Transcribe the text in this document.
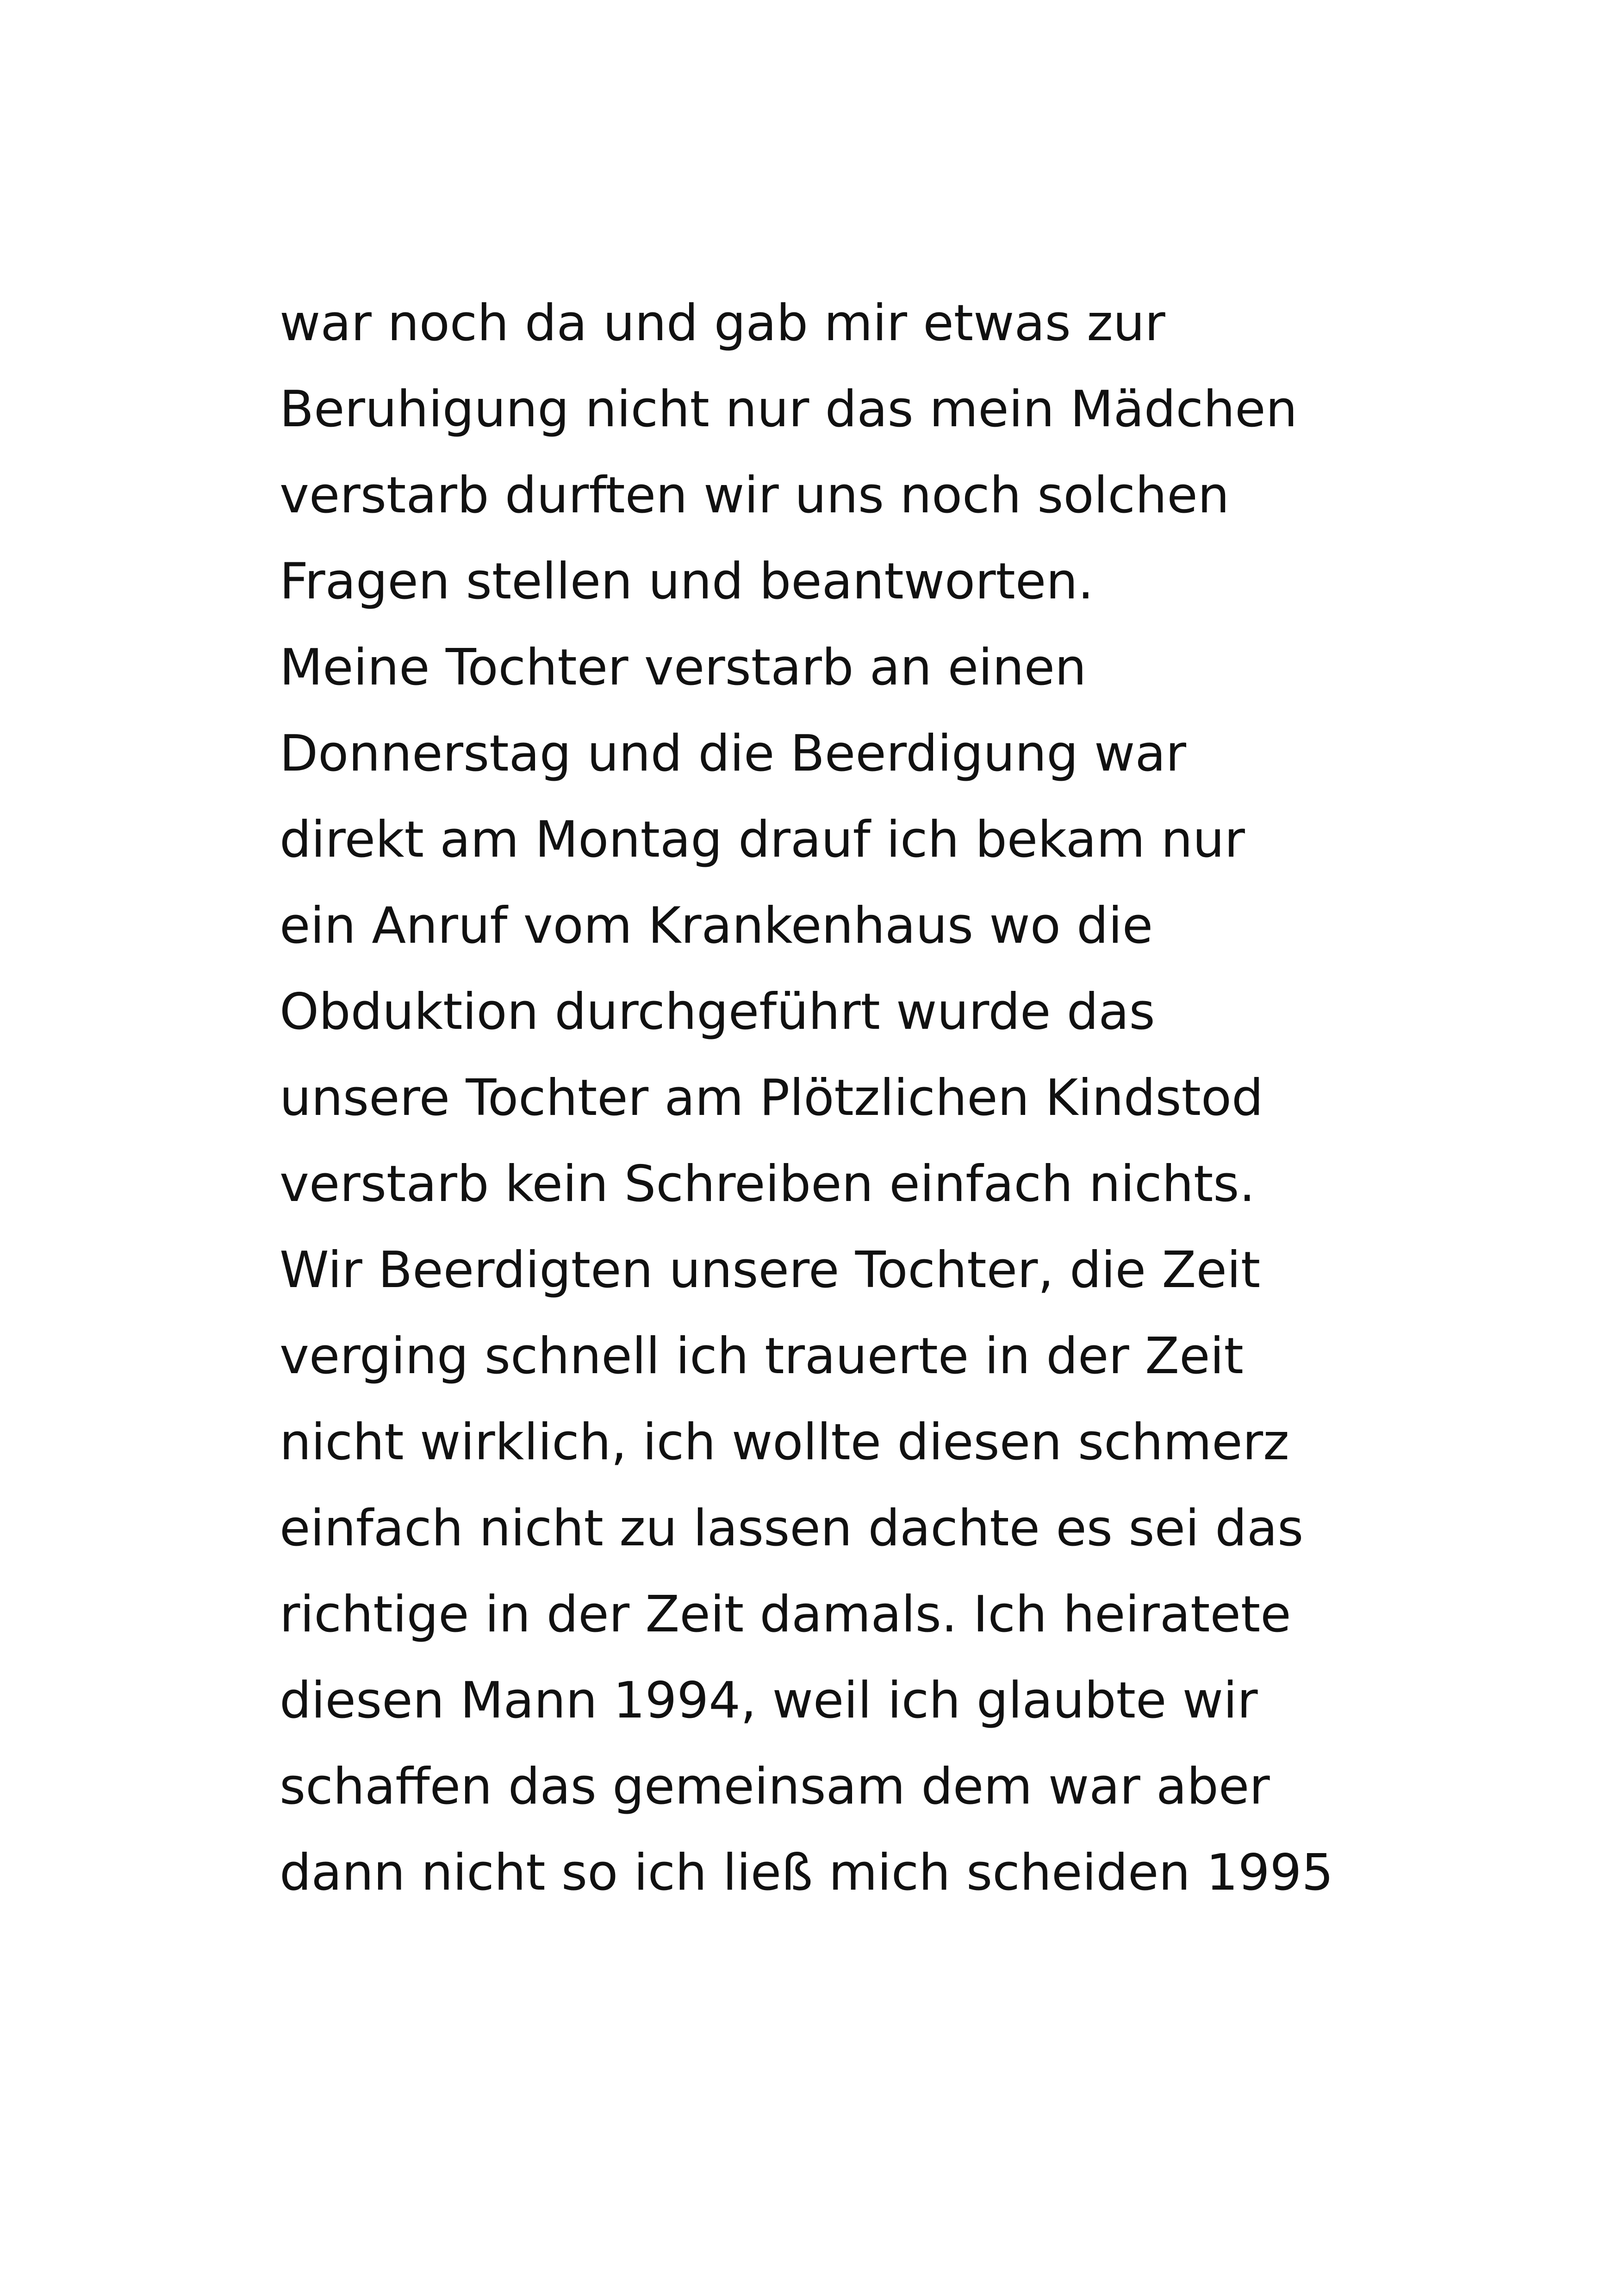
war noch da und gab mir etwas zur
Beruhigung nicht nur das mein Mädchen
verstarb durften wir uns noch solchen
Fragen stellen und beantworten.
Meine Tochter verstarb an einen
Donnerstag und die Beerdigung war
direkt am Montag drauf ich bekam nur
ein Anruf vom Krankenhaus wo die
Obduktion durchgeführt wurde das
unsere Tochter am Plötzlichen Kindstod
verstarb kein Schreiben einfach nichts.
Wir Beerdigten unsere Tochter, die Zeit
verging schnell ich trauerte in der Zeit
nicht wirklich, ich wollte diesen schmerz
einfach nicht zu lassen dachte es sei das
richtige in der Zeit damals. Ich heiratete
diesen Mann 1994, weil ich glaubte wir
schaffen das gemeinsam dem war aber
dann nicht so ich ließ mich scheiden 1995
